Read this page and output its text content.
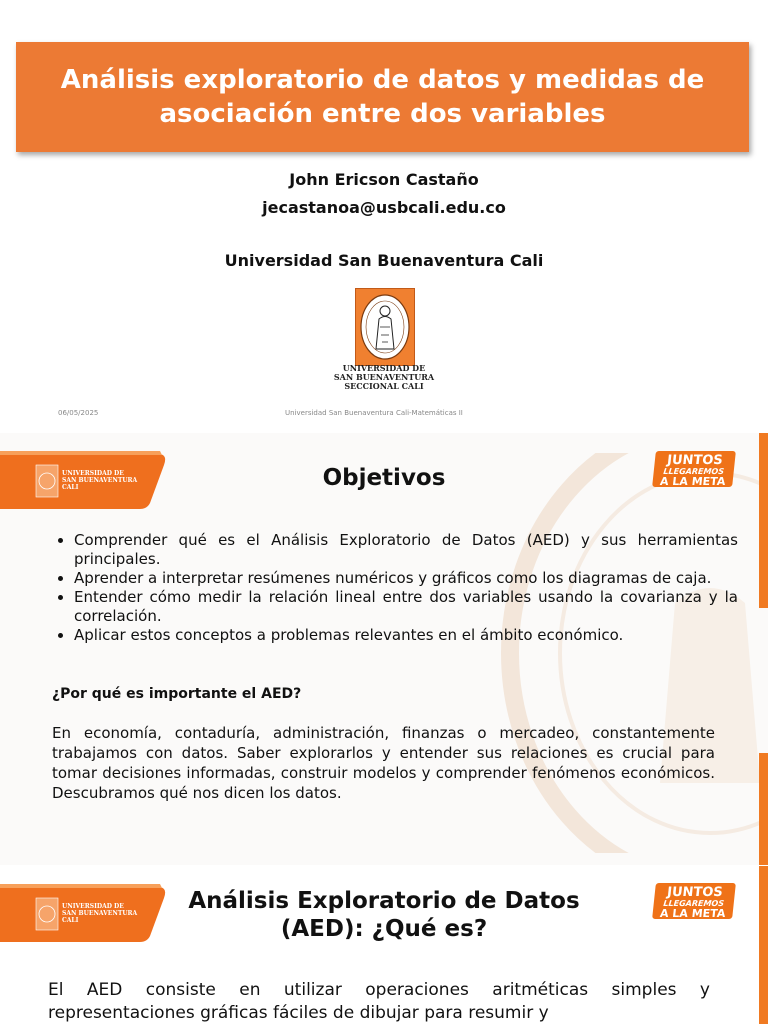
Análisis exploratorio de datos y medidas de asociación entre dos variables
John Ericson Castaño
jecastanoa@usbcali.edu.co
Universidad San Buenaventura Cali
UNIVERSIDAD DE
SAN BUENAVENTURA
SECCIONAL CALI
06/05/2025	Universidad San Buenaventura Cali-Matemáticas II
UNIVERSIDAD DE
SAN BUENAVENTURA
CALI
JUNTOS
LLEGAREMOS
A LA META
Objetivos
• Comprender qué es el Análisis Exploratorio de Datos (AED) y sus herramientas principales.
• Aprender a interpretar resúmenes numéricos y gráficos como los diagramas de caja.
• Entender cómo medir la relación lineal entre dos variables usando la covarianza y la correlación.
• Aplicar estos conceptos a problemas relevantes en el ámbito económico.
¿Por qué es importante el AED?
En economía, contaduría, administración, finanzas o mercadeo, constantemente trabajamos con datos. Saber explorarlos y entender sus relaciones es crucial para tomar decisiones informadas, construir modelos y comprender fenómenos económicos. Descubramos qué nos dicen los datos.
UNIVERSIDAD DE
SAN BUENAVENTURA
CALI
JUNTOS
LLEGAREMOS
A LA META
Análisis Exploratorio de Datos
(AED): ¿Qué es?
El AED consiste en utilizar operaciones aritméticas simples y representaciones gráficas fáciles de dibujar para resumir y
